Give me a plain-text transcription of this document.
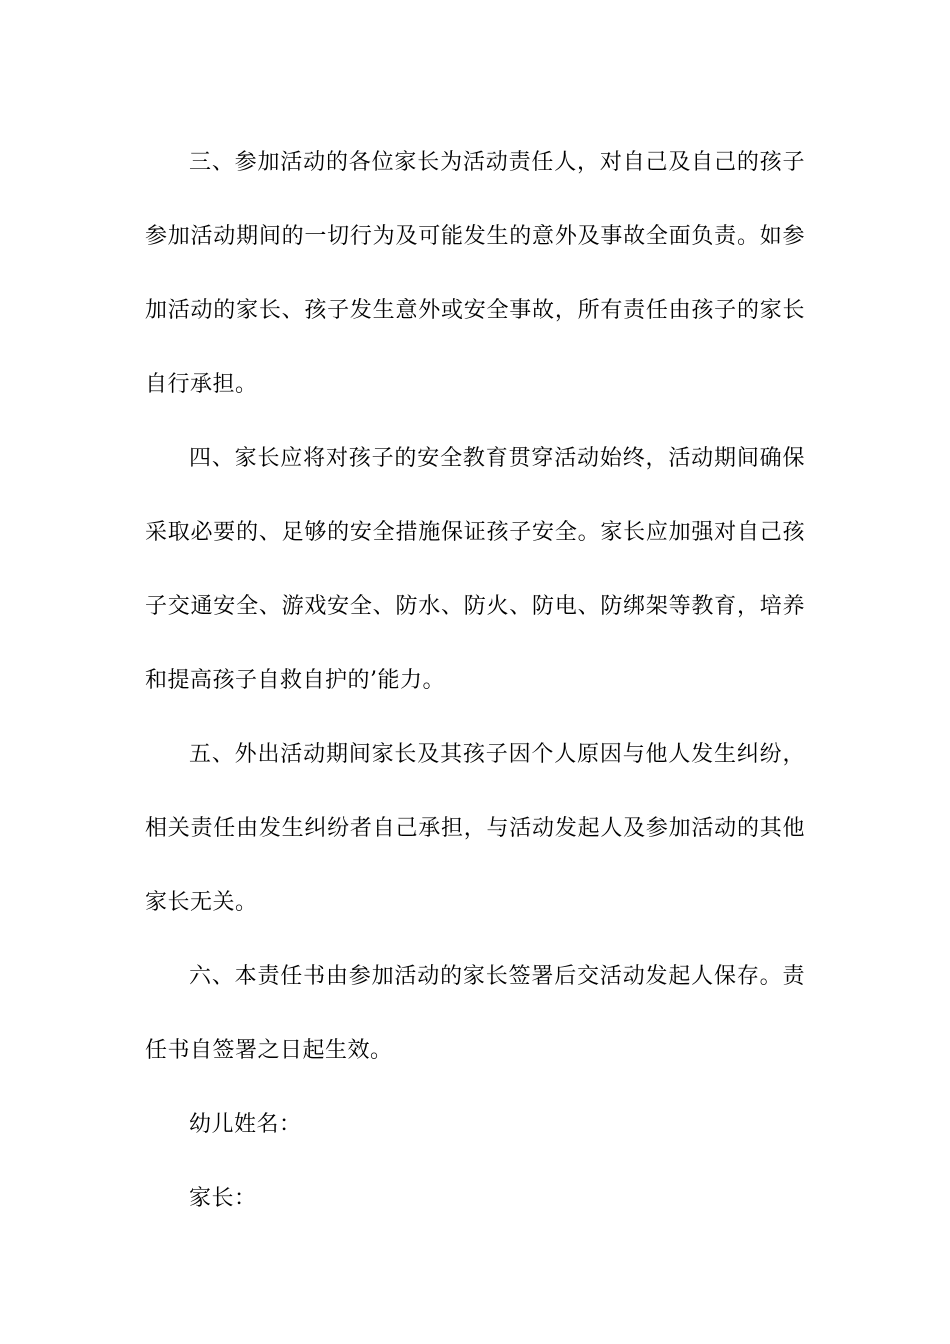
三、参加活动的各位家长为活动责任人，对自己及自己的孩子参加活动期间的一切行为及可能发生的意外及事故全面负责。如参加活动的家长、孩子发生意外或安全事故，所有责任由孩子的家长自行承担。

四、家长应将对孩子的安全教育贯穿活动始终，活动期间确保采取必要的、足够的安全措施保证孩子安全。家长应加强对自己孩子交通安全、游戏安全、防水、防火、防电、防绑架等教育，培养和提高孩子自救自护的’能力。

五、外出活动期间家长及其孩子因个人原因与他人发生纠纷，相关责任由发生纠纷者自己承担，与活动发起人及参加活动的其他家长无关。

六、本责任书由参加活动的家长签署后交活动发起人保存。责任书自签署之日起生效。

幼儿姓名：

家长：
